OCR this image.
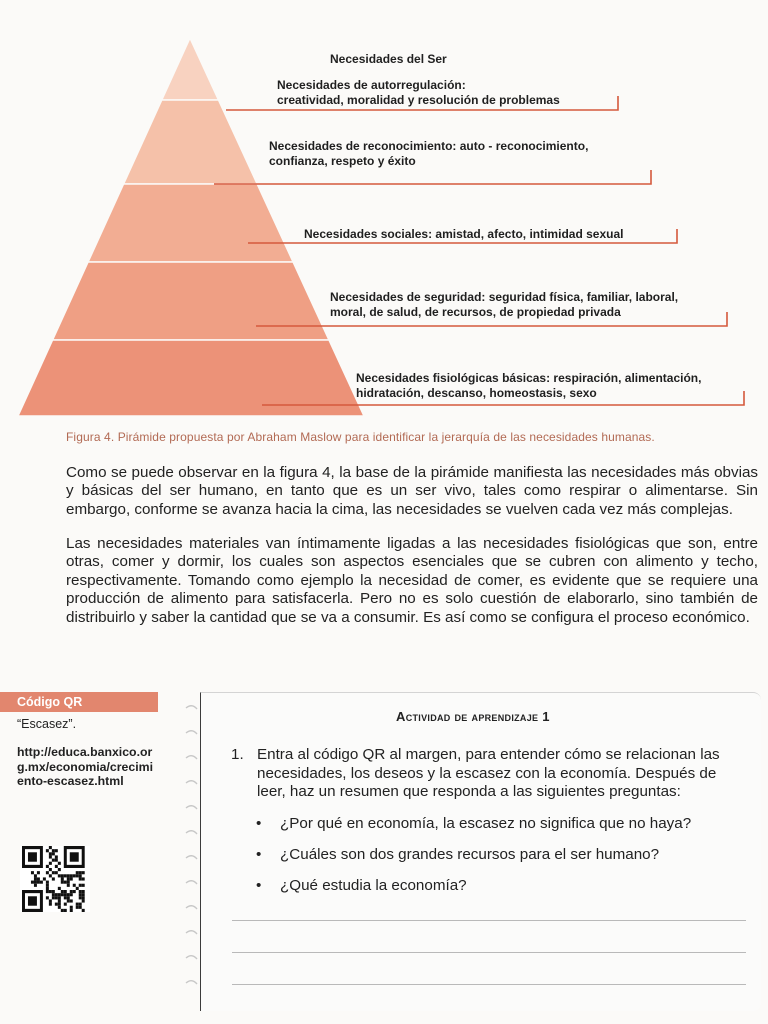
Necesidades del Ser
Necesidades de autorregulación:
creatividad, moralidad y resolución de problemas
Necesidades de reconocimiento: auto - reconocimiento,
confianza, respeto y éxito
Necesidades sociales: amistad, afecto, intimidad sexual
Necesidades de seguridad: seguridad física, familiar, laboral,
moral, de salud, de recursos, de propiedad privada
Necesidades fisiológicas básicas: respiración, alimentación,
hidratación, descanso, homeostasis, sexo
Figura 4. Pirámide propuesta por Abraham Maslow para identificar la jerarquía de las necesidades humanas.

Como se puede observar en la figura 4, la base de la pirámide manifiesta las necesidades más obvias y básicas del ser humano, en tanto que es un ser vivo, tales como respirar o alimentarse. Sin embargo, conforme se avanza hacia la cima, las necesidades se vuelven cada vez más complejas.

Las necesidades materiales van íntimamente ligadas a las necesidades fisiológicas que son, entre otras, comer y dormir, los cuales son aspectos esenciales que se cubren con alimento y techo, respectivamente. Tomando como ejemplo la necesidad de comer, es evidente que se requiere una producción de alimento para satisfacerla. Pero no es solo cuestión de elaborarlo, sino también de distribuirlo y saber la cantidad que se va a consumir. Es así como se configura el proceso económico.

Código QR
“Escasez”.
http://educa.banxico.org.mx/economia/crecimiento-escasez.html
Actividad de aprendizaje 1
1. Entra al código QR al margen, para entender cómo se relacionan las necesidades, los deseos y la escasez con la economía. Después de leer, haz un resumen que responda a las siguientes preguntas:
• ¿Por qué en economía, la escasez no significa que no haya?
• ¿Cuáles son dos grandes recursos para el ser humano?
• ¿Qué estudia la economía?
